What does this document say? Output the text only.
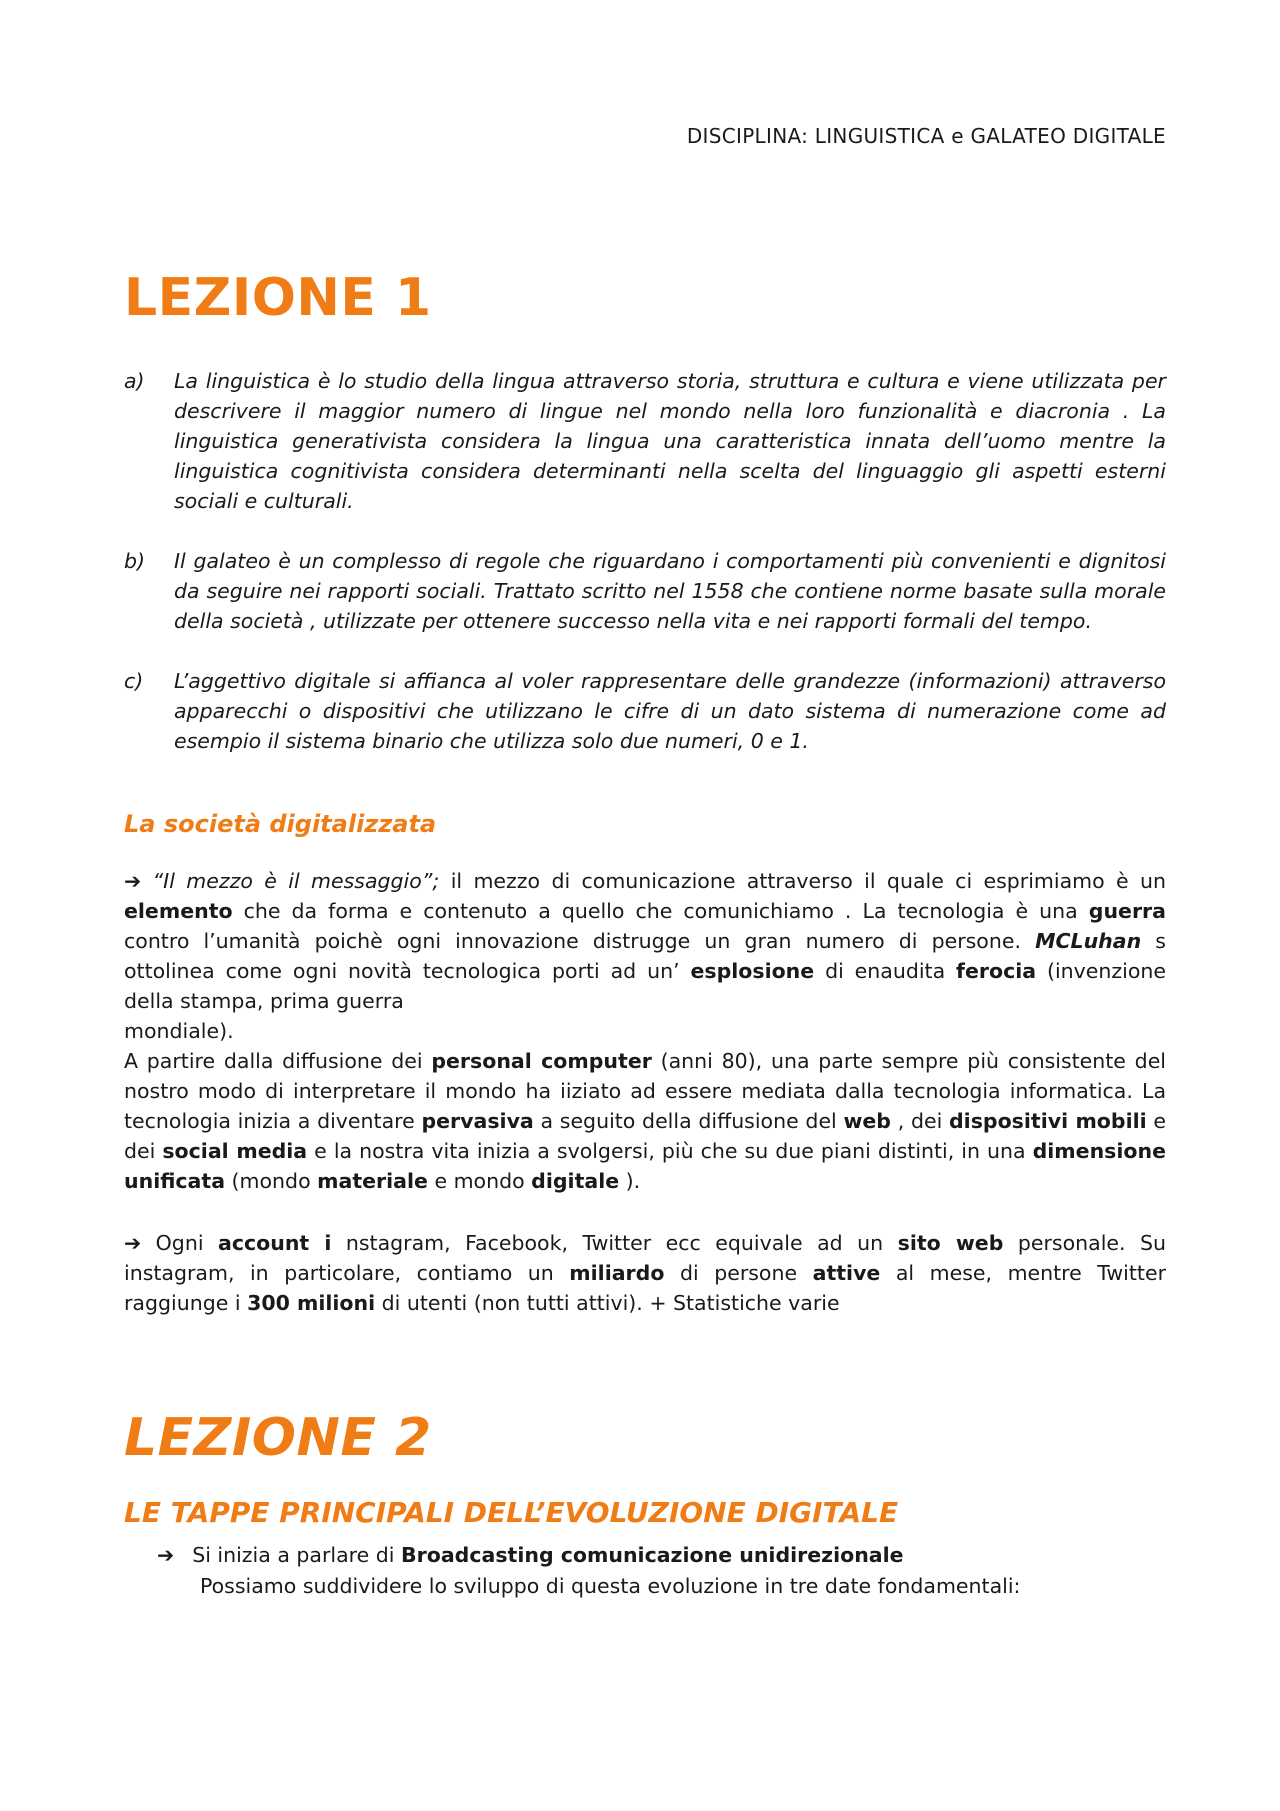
DISCIPLINA: LINGUISTICA e GALATEO DIGITALE
LEZIONE 1
a) La linguistica è lo studio della lingua attraverso storia, struttura e cultura e viene utilizzata per descrivere il maggior numero di lingue nel mondo nella loro funzionalità e diacronia . La linguistica generativista considera la lingua una caratteristica innata dell’uomo mentre la linguistica cognitivista considera determinanti nella scelta del linguaggio gli aspetti esterni sociali e culturali.
b) Il galateo è un complesso di regole che riguardano i comportamenti più convenienti e dignitosi da seguire nei rapporti sociali. Trattato scritto nel 1558 che contiene norme basate sulla morale della società , utilizzate per ottenere successo nella vita e nei rapporti formali del tempo.
c) L’aggettivo digitale si affianca al voler rappresentare delle grandezze (informazioni) attraverso apparecchi o dispositivi che utilizzano le cifre di un dato sistema di numerazione come ad esempio il sistema binario che utilizza solo due numeri, 0 e 1.
La società digitalizzata

➔ “Il mezzo è il messaggio”; il mezzo di comunicazione attraverso il quale ci esprimiamo è un elemento che da forma e contenuto a quello che comunichiamo . La tecnologia è una guerra contro l’umanità poichè ogni innovazione distrugge un gran numero di persone. MCLuhan s ottolinea come ogni novità tecnologica porti ad un’ esplosione di enaudita ferocia (invenzione della stampa, prima guerra

mondiale).

A partire dalla diffusione dei personal computer (anni 80), una parte sempre più consistente del nostro modo di interpretare il mondo ha iiziato ad essere mediata dalla tecnologia informatica. La tecnologia inizia a diventare pervasiva a seguito della diffusione del web , dei dispositivi mobili e dei social media e la nostra vita inizia a svolgersi, più che su due piani distinti, in una dimensione unificata (mondo materiale e mondo digitale ).

➔ Ogni account i nstagram, Facebook, Twitter ecc equivale ad un sito web personale. Su instagram, in particolare, contiamo un miliardo di persone attive al mese, mentre Twitter raggiunge i 300 milioni di utenti (non tutti attivi). + Statistiche varie

LEZIONE 2
LE TAPPE PRINCIPALI DELL’EVOLUZIONE DIGITALE
➔ Si inizia a parlare di Broadcasting comunicazione unidirezionale
Possiamo suddividere lo sviluppo di questa evoluzione in tre date fondamentali:
